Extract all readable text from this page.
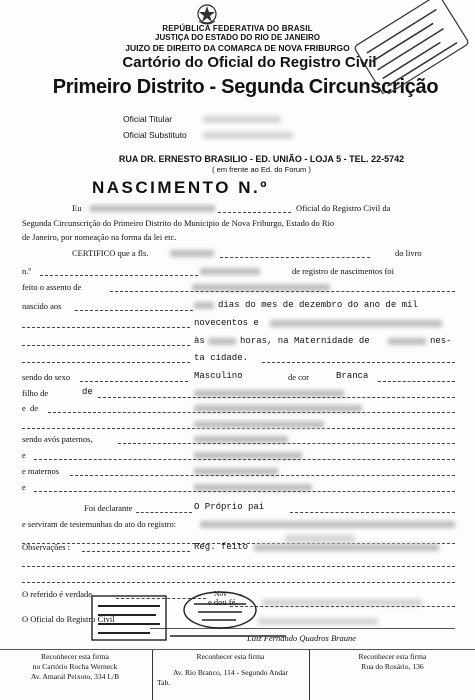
REPÚBLICA FEDERATIVA DO BRASIL
JUSTIÇA DO ESTADO DO RIO DE JANEIRO
JUIZO DE DIREITO DA COMARCA DE NOVA FRIBURGO
Cartório do Oficial do Registro Civil
Primeiro Distrito - Segunda Circunscrição
Oficial Titular
Oficial Substituto
RUA DR. ERNESTO BRASILIO - ED. UNIÃO - LOJA 5 - TEL. 22-5742
( em frente ao Ed. do Forum )
NASCIMENTO N.º
Eu	Oficial do Registro Civil da
Segunda Circunscrição do Primeiro Distrito do Municipio de Nova Friburgo, Estado do Rio
de Janeiro, por nomeação na forma da lei etc.
CERTIFICO que a fls.	do livro
n.º	de registro de nascimentos foi
feito o assento de
nascido aos	dias do mes de dezembro do ano de mil
novecentos e
às	horas, na Maternidade de	nes-
ta cidade.
sendo do sexo	Masculino	de cor	Branca
filho de	de
e de
sendo avós paternos,
e
e maternos
e
Foi declarante	O Próprio pai
e serviram de testemunhas do ato do registro:
Observações :	Reg. feito
O referido é verdade
e dou fé.
Nov
O Oficial do Registro Civil
Luiz Fernando Quadros Braune
Reconhecer esta firma
no Cartório Rocha Werneck
Av. Amaral Peixoto, 334 L/B
Reconhecer esta firma
Av. Rio Branco, 114 - Segundo Andar
Tab.
Reconhecer esta firma
Rua do Rosário, 136
